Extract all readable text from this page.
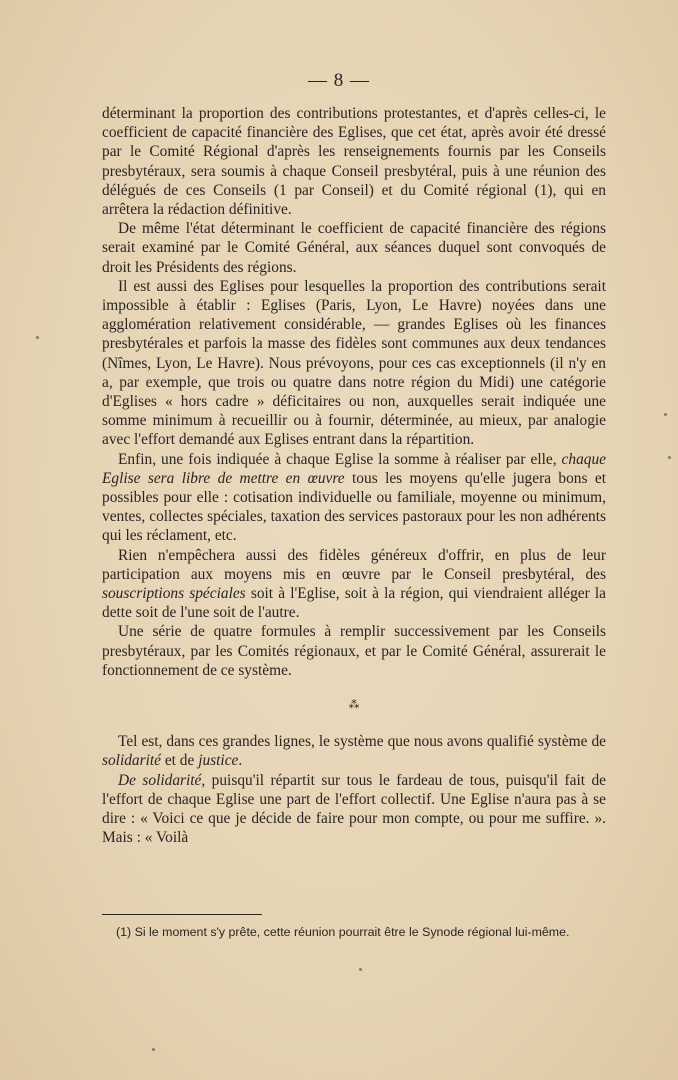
— 8 —

déterminant la proportion des contributions protestantes, et d'après celles-ci, le coefficient de capacité financière des Eglises, que cet état, après avoir été dressé par le Comité Régional d'après les renseignements fournis par les Conseils presbytéraux, sera soumis à chaque Conseil presbytéral, puis à une réunion des délégués de ces Conseils (1 par Conseil) et du Comité régional (1), qui en arrêtera la rédaction définitive.

De même l'état déterminant le coefficient de capacité financière des régions serait examiné par le Comité Général, aux séances duquel sont convoqués de droit les Présidents des régions.

Il est aussi des Eglises pour lesquelles la proportion des contributions serait impossible à établir : Eglises (Paris, Lyon, Le Havre) noyées dans une agglomération relativement considérable, — grandes Eglises où les finances presbytérales et parfois la masse des fidèles sont communes aux deux tendances (Nîmes, Lyon, Le Havre). Nous prévoyons, pour ces cas exceptionnels (il n'y en a, par exemple, que trois ou quatre dans notre région du Midi) une catégorie d'Eglises « hors cadre » déficitaires ou non, auxquelles serait indiquée une somme minimum à recueillir ou à fournir, déterminée, au mieux, par analogie avec l'effort demandé aux Eglises entrant dans la répartition.

Enfin, une fois indiquée à chaque Eglise la somme à réaliser par elle, chaque Eglise sera libre de mettre en œuvre tous les moyens qu'elle jugera bons et possibles pour elle : cotisation individuelle ou familiale, moyenne ou minimum, ventes, collectes spéciales, taxation des services pastoraux pour les non adhérents qui les réclament, etc.

Rien n'empêchera aussi des fidèles généreux d'offrir, en plus de leur participation aux moyens mis en œuvre par le Conseil presbytéral, des souscriptions spéciales soit à l'Eglise, soit à la région, qui viendraient alléger la dette soit de l'une soit de l'autre.

Une série de quatre formules à remplir successivement par les Conseils presbytéraux, par les Comités régionaux, et par le Comité Général, assurerait le fonctionnement de ce système.

⁂

Tel est, dans ces grandes lignes, le système que nous avons qualifié système de solidarité et de justice.

De solidarité, puisqu'il répartit sur tous le fardeau de tous, puisqu'il fait de l'effort de chaque Eglise une part de l'effort collectif. Une Eglise n'aura pas à se dire : « Voici ce que je décide de faire pour mon compte, ou pour me suffire. ». Mais : « Voilà

(1) Si le moment s'y prête, cette réunion pourrait être le Synode régional lui-même.
